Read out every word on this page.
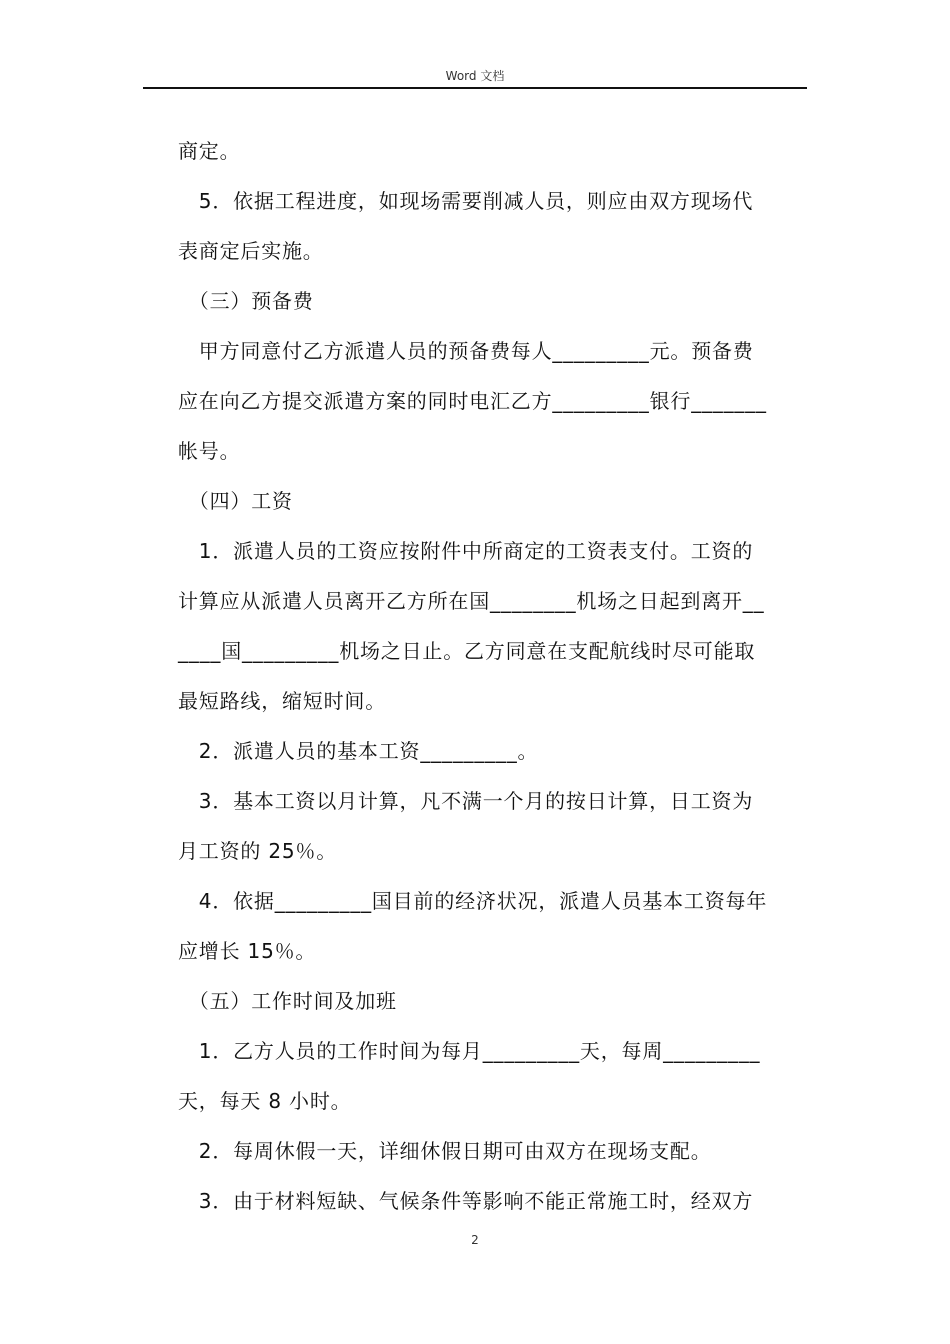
Word 文档

商定。

　5．依据工程进度，如现场需要削减人员，则应由双方现场代

表商定后实施。

　（三）预备费

　甲方同意付乙方派遣人员的预备费每人_________元。预备费

应在向乙方提交派遣方案的同时电汇乙方_________银行_______

帐号。

　（四）工资

　1．派遣人员的工资应按附件中所商定的工资表支付。工资的

计算应从派遣人员离开乙方所在国________机场之日起到离开__

____国_________机场之日止。乙方同意在支配航线时尽可能取

最短路线，缩短时间。

　2．派遣人员的基本工资_________。

　3．基本工资以月计算，凡不满一个月的按日计算，日工资为

月工资的 25％。

　4．依据_________国目前的经济状况，派遣人员基本工资每年

应增长 15％。

　（五）工作时间及加班

　1．乙方人员的工作时间为每月_________天，每周_________

天，每天 8 小时。

　2．每周休假一天，详细休假日期可由双方在现场支配。

　3．由于材料短缺、气候条件等影响不能正常施工时，经双方

2
